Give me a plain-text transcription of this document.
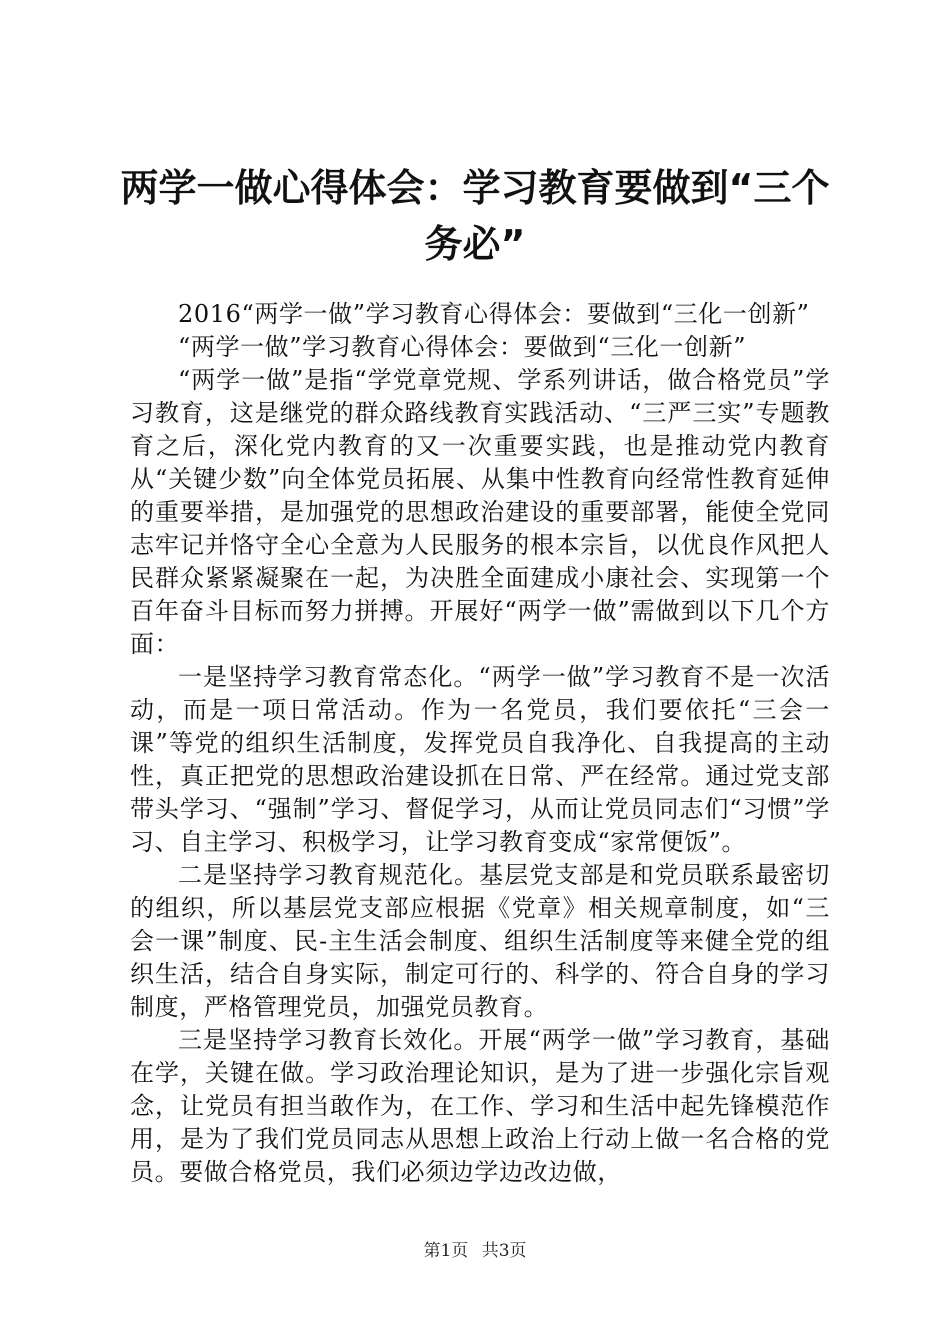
两学一做心得体会：学习教育要做到“三个务必”

2016“两学一做”学习教育心得体会：要做到“三化一创新”

“两学一做”学习教育心得体会：要做到“三化一创新”

“两学一做”是指“学党章党规、学系列讲话，做合格党员”学习教育，这是继党的群众路线教育实践活动、“三严三实”专题教育之后，深化党内教育的又一次重要实践，也是推动党内教育从“关键少数”向全体党员拓展、从集中性教育向经常性教育延伸的重要举措，是加强党的思想政治建设的重要部署，能使全党同志牢记并恪守全心全意为人民服务的根本宗旨，以优良作风把人民群众紧紧凝聚在一起，为决胜全面建成小康社会、实现第一个百年奋斗目标而努力拼搏。开展好“两学一做”需做到以下几个方面：

一是坚持学习教育常态化。“两学一做”学习教育不是一次活动，而是一项日常活动。作为一名党员，我们要依托“三会一课”等党的组织生活制度，发挥党员自我净化、自我提高的主动性，真正把党的思想政治建设抓在日常、严在经常。通过党支部带头学习、“强制”学习、督促学习，从而让党员同志们“习惯”学习、自主学习、积极学习，让学习教育变成“家常便饭”。

二是坚持学习教育规范化。基层党支部是和党员联系最密切的组织，所以基层党支部应根据《党章》相关规章制度，如“三会一课”制度、民-主生活会制度、组织生活制度等来健全党的组织生活，结合自身实际，制定可行的、科学的、符合自身的学习制度，严格管理党员，加强党员教育。

三是坚持学习教育长效化。开展“两学一做”学习教育，基础在学，关键在做。学习政治理论知识，是为了进一步强化宗旨观念，让党员有担当敢作为，在工作、学习和生活中起先锋模范作用，是为了我们党员同志从思想上政治上行动上做一名合格的党员。要做合格党员，我们必须边学边改边做，

第1页 共3页
